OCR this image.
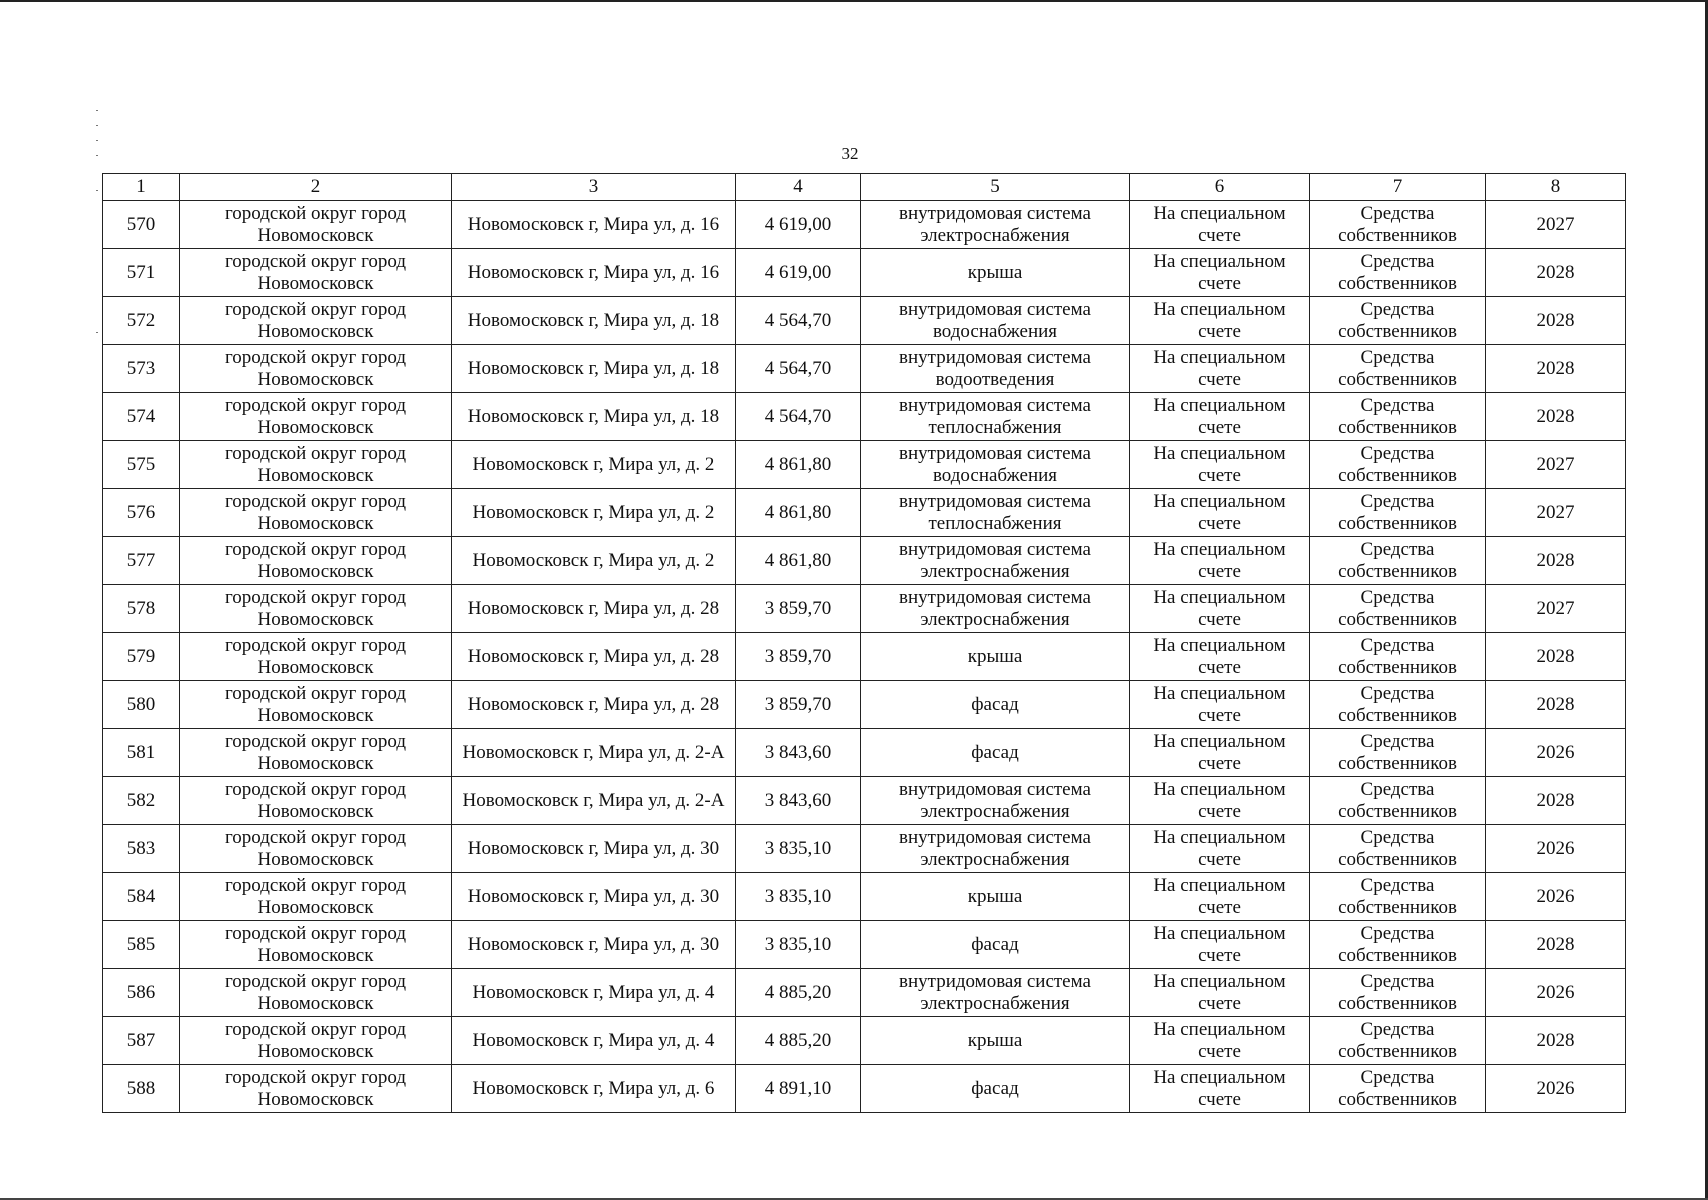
32
1	2	3	4	5	6	7	8
570	городской округ город Новомосковск	Новомосковск г, Мира ул, д. 16	4 619,00	внутридомовая система электроснабжения	На специальном счете	Средства собственников	2027
571	городской округ город Новомосковск	Новомосковск г, Мира ул, д. 16	4 619,00	крыша	На специальном счете	Средства собственников	2028
572	городской округ город Новомосковск	Новомосковск г, Мира ул, д. 18	4 564,70	внутридомовая система водоснабжения	На специальном счете	Средства собственников	2028
573	городской округ город Новомосковск	Новомосковск г, Мира ул, д. 18	4 564,70	внутридомовая система водоотведения	На специальном счете	Средства собственников	2028
574	городской округ город Новомосковск	Новомосковск г, Мира ул, д. 18	4 564,70	внутридомовая система теплоснабжения	На специальном счете	Средства собственников	2028
575	городской округ город Новомосковск	Новомосковск г, Мира ул, д. 2	4 861,80	внутридомовая система водоснабжения	На специальном счете	Средства собственников	2027
576	городской округ город Новомосковск	Новомосковск г, Мира ул, д. 2	4 861,80	внутридомовая система теплоснабжения	На специальном счете	Средства собственников	2027
577	городской округ город Новомосковск	Новомосковск г, Мира ул, д. 2	4 861,80	внутридомовая система электроснабжения	На специальном счете	Средства собственников	2028
578	городской округ город Новомосковск	Новомосковск г, Мира ул, д. 28	3 859,70	внутридомовая система электроснабжения	На специальном счете	Средства собственников	2027
579	городской округ город Новомосковск	Новомосковск г, Мира ул, д. 28	3 859,70	крыша	На специальном счете	Средства собственников	2028
580	городской округ город Новомосковск	Новомосковск г, Мира ул, д. 28	3 859,70	фасад	На специальном счете	Средства собственников	2028
581	городской округ город Новомосковск	Новомосковск г, Мира ул, д. 2-А	3 843,60	фасад	На специальном счете	Средства собственников	2026
582	городской округ город Новомосковск	Новомосковск г, Мира ул, д. 2-А	3 843,60	внутридомовая система электроснабжения	На специальном счете	Средства собственников	2028
583	городской округ город Новомосковск	Новомосковск г, Мира ул, д. 30	3 835,10	внутридомовая система электроснабжения	На специальном счете	Средства собственников	2026
584	городской округ город Новомосковск	Новомосковск г, Мира ул, д. 30	3 835,10	крыша	На специальном счете	Средства собственников	2026
585	городской округ город Новомосковск	Новомосковск г, Мира ул, д. 30	3 835,10	фасад	На специальном счете	Средства собственников	2028
586	городской округ город Новомосковск	Новомосковск г, Мира ул, д. 4	4 885,20	внутридомовая система электроснабжения	На специальном счете	Средства собственников	2026
587	городской округ город Новомосковск	Новомосковск г, Мира ул, д. 4	4 885,20	крыша	На специальном счете	Средства собственников	2028
588	городской округ город Новомосковск	Новомосковск г, Мира ул, д. 6	4 891,10	фасад	На специальном счете	Средства собственников	2026
